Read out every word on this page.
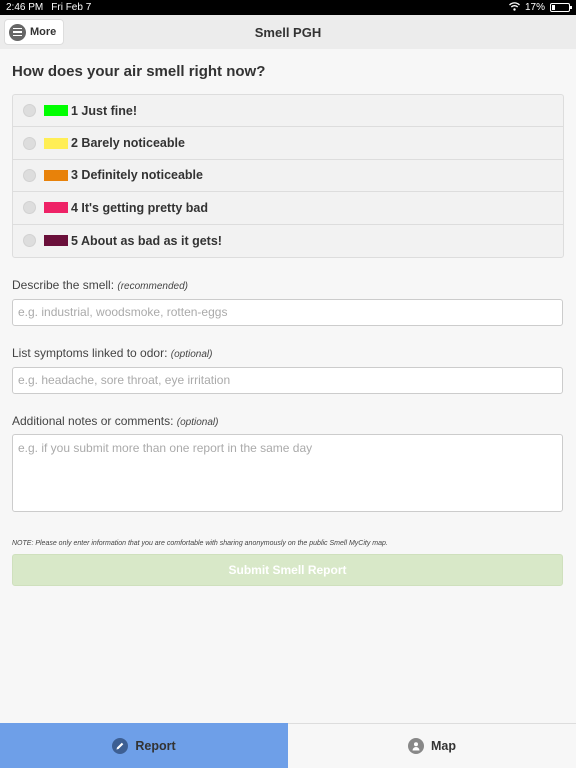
2:46 PM Fri Feb 7	17%
More	Smell PGH
How does your air smell right now?
1 Just fine!
2 Barely noticeable
3 Definitely noticeable
4 It's getting pretty bad
5 About as bad as it gets!
Describe the smell: (recommended)
e.g. industrial, woodsmoke, rotten-eggs
List symptoms linked to odor: (optional)
e.g. headache, sore throat, eye irritation
Additional notes or comments: (optional)
e.g. if you submit more than one report in the same day
NOTE: Please only enter information that you are comfortable with sharing anonymously on the public Smell MyCity map.
Submit Smell Report
Report	Map
